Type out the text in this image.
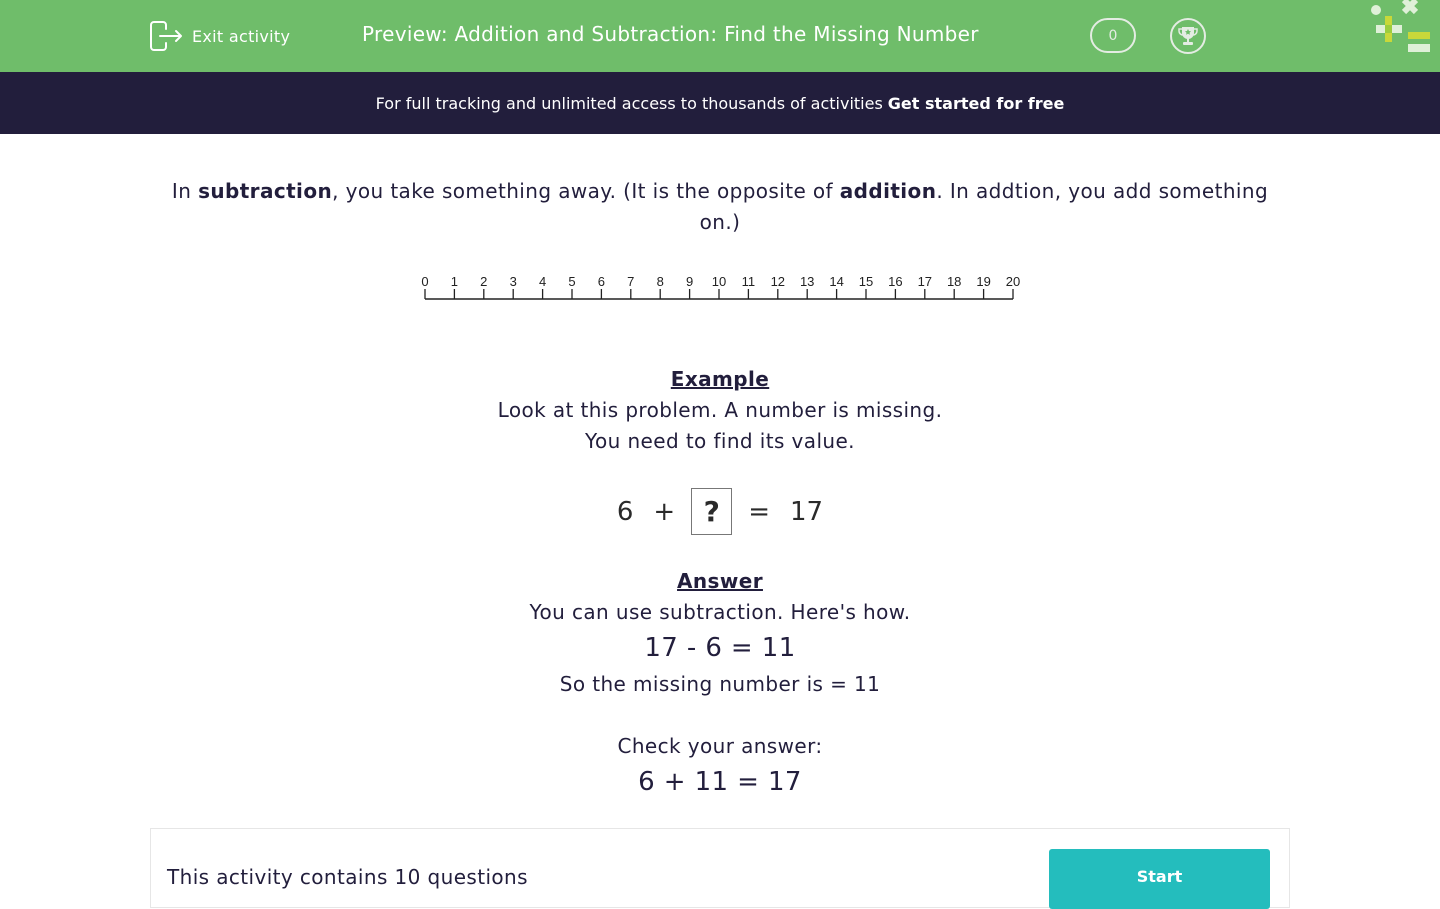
Exit activity	Preview: Addition and Subtraction: Find the Missing Number	0
For full tracking and unlimited access to thousands of activities Get started for free
In subtraction, you take something away. (It is the opposite of addition. In addtion, you add something on.)
0 1 2 3 4 5 6 7 8 9 10 11 12 13 14 15 16 17 18 19 20
Example
Look at this problem. A number is missing.
You need to find its value.
6 +	?	= 17
Answer
You can use subtraction. Here's how.
17 - 6 = 11
So the missing number is = 11
Check your answer:
6 + 11 = 17
This activity contains 10 questions	Start
